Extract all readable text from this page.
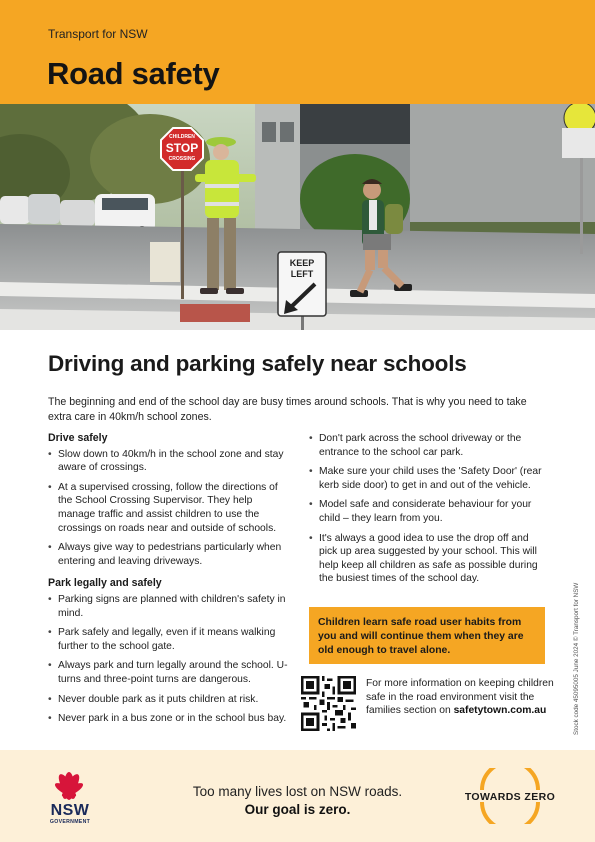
Transport for NSW
Road safety
CHILDREN
STOP
CROSSING
KEEP
LEFT
Driving and parking safely near schools
The beginning and end of the school day are busy times around schools. That is why you need to take extra care in 40km/h school zones.
Drive safely
• Slow down to 40km/h in the school zone and stay aware of crossings.
• At a supervised crossing, follow the directions of the School Crossing Supervisor. They help manage traffic and assist children to use the crossings on roads near and outside of schools.
• Always give way to pedestrians particularly when entering and leaving driveways.
Park legally and safely
• Parking signs are planned with children's safety in mind.
• Park safely and legally, even if it means walking further to the school gate.
• Always park and turn legally around the school. U-turns and three-point turns are dangerous.
• Never double park as it puts children at risk.
• Never park in a bus zone or in the school bus bay.
• Don't park across the school driveway or the entrance to the school car park.
• Make sure your child uses the 'Safety Door' (rear kerb side door) to get in and out of the vehicle.
• Model safe and considerate behaviour for your child – they learn from you.
• It's always a good idea to use the drop off and pick up area suggested by your school. This will help keep all children as safe as possible during the busiest times of the school day.
Children learn safe road user habits from you and will continue them when they are old enough to travel alone.
For more information on keeping children safe in the road environment visit the families section on safetytown.com.au	Stock code 45095005 June 2024 © Transport for NSW
NSW
GOVERNMENT
Too many lives lost on NSW roads.
Our goal is zero.
TOWARDS ZERO
